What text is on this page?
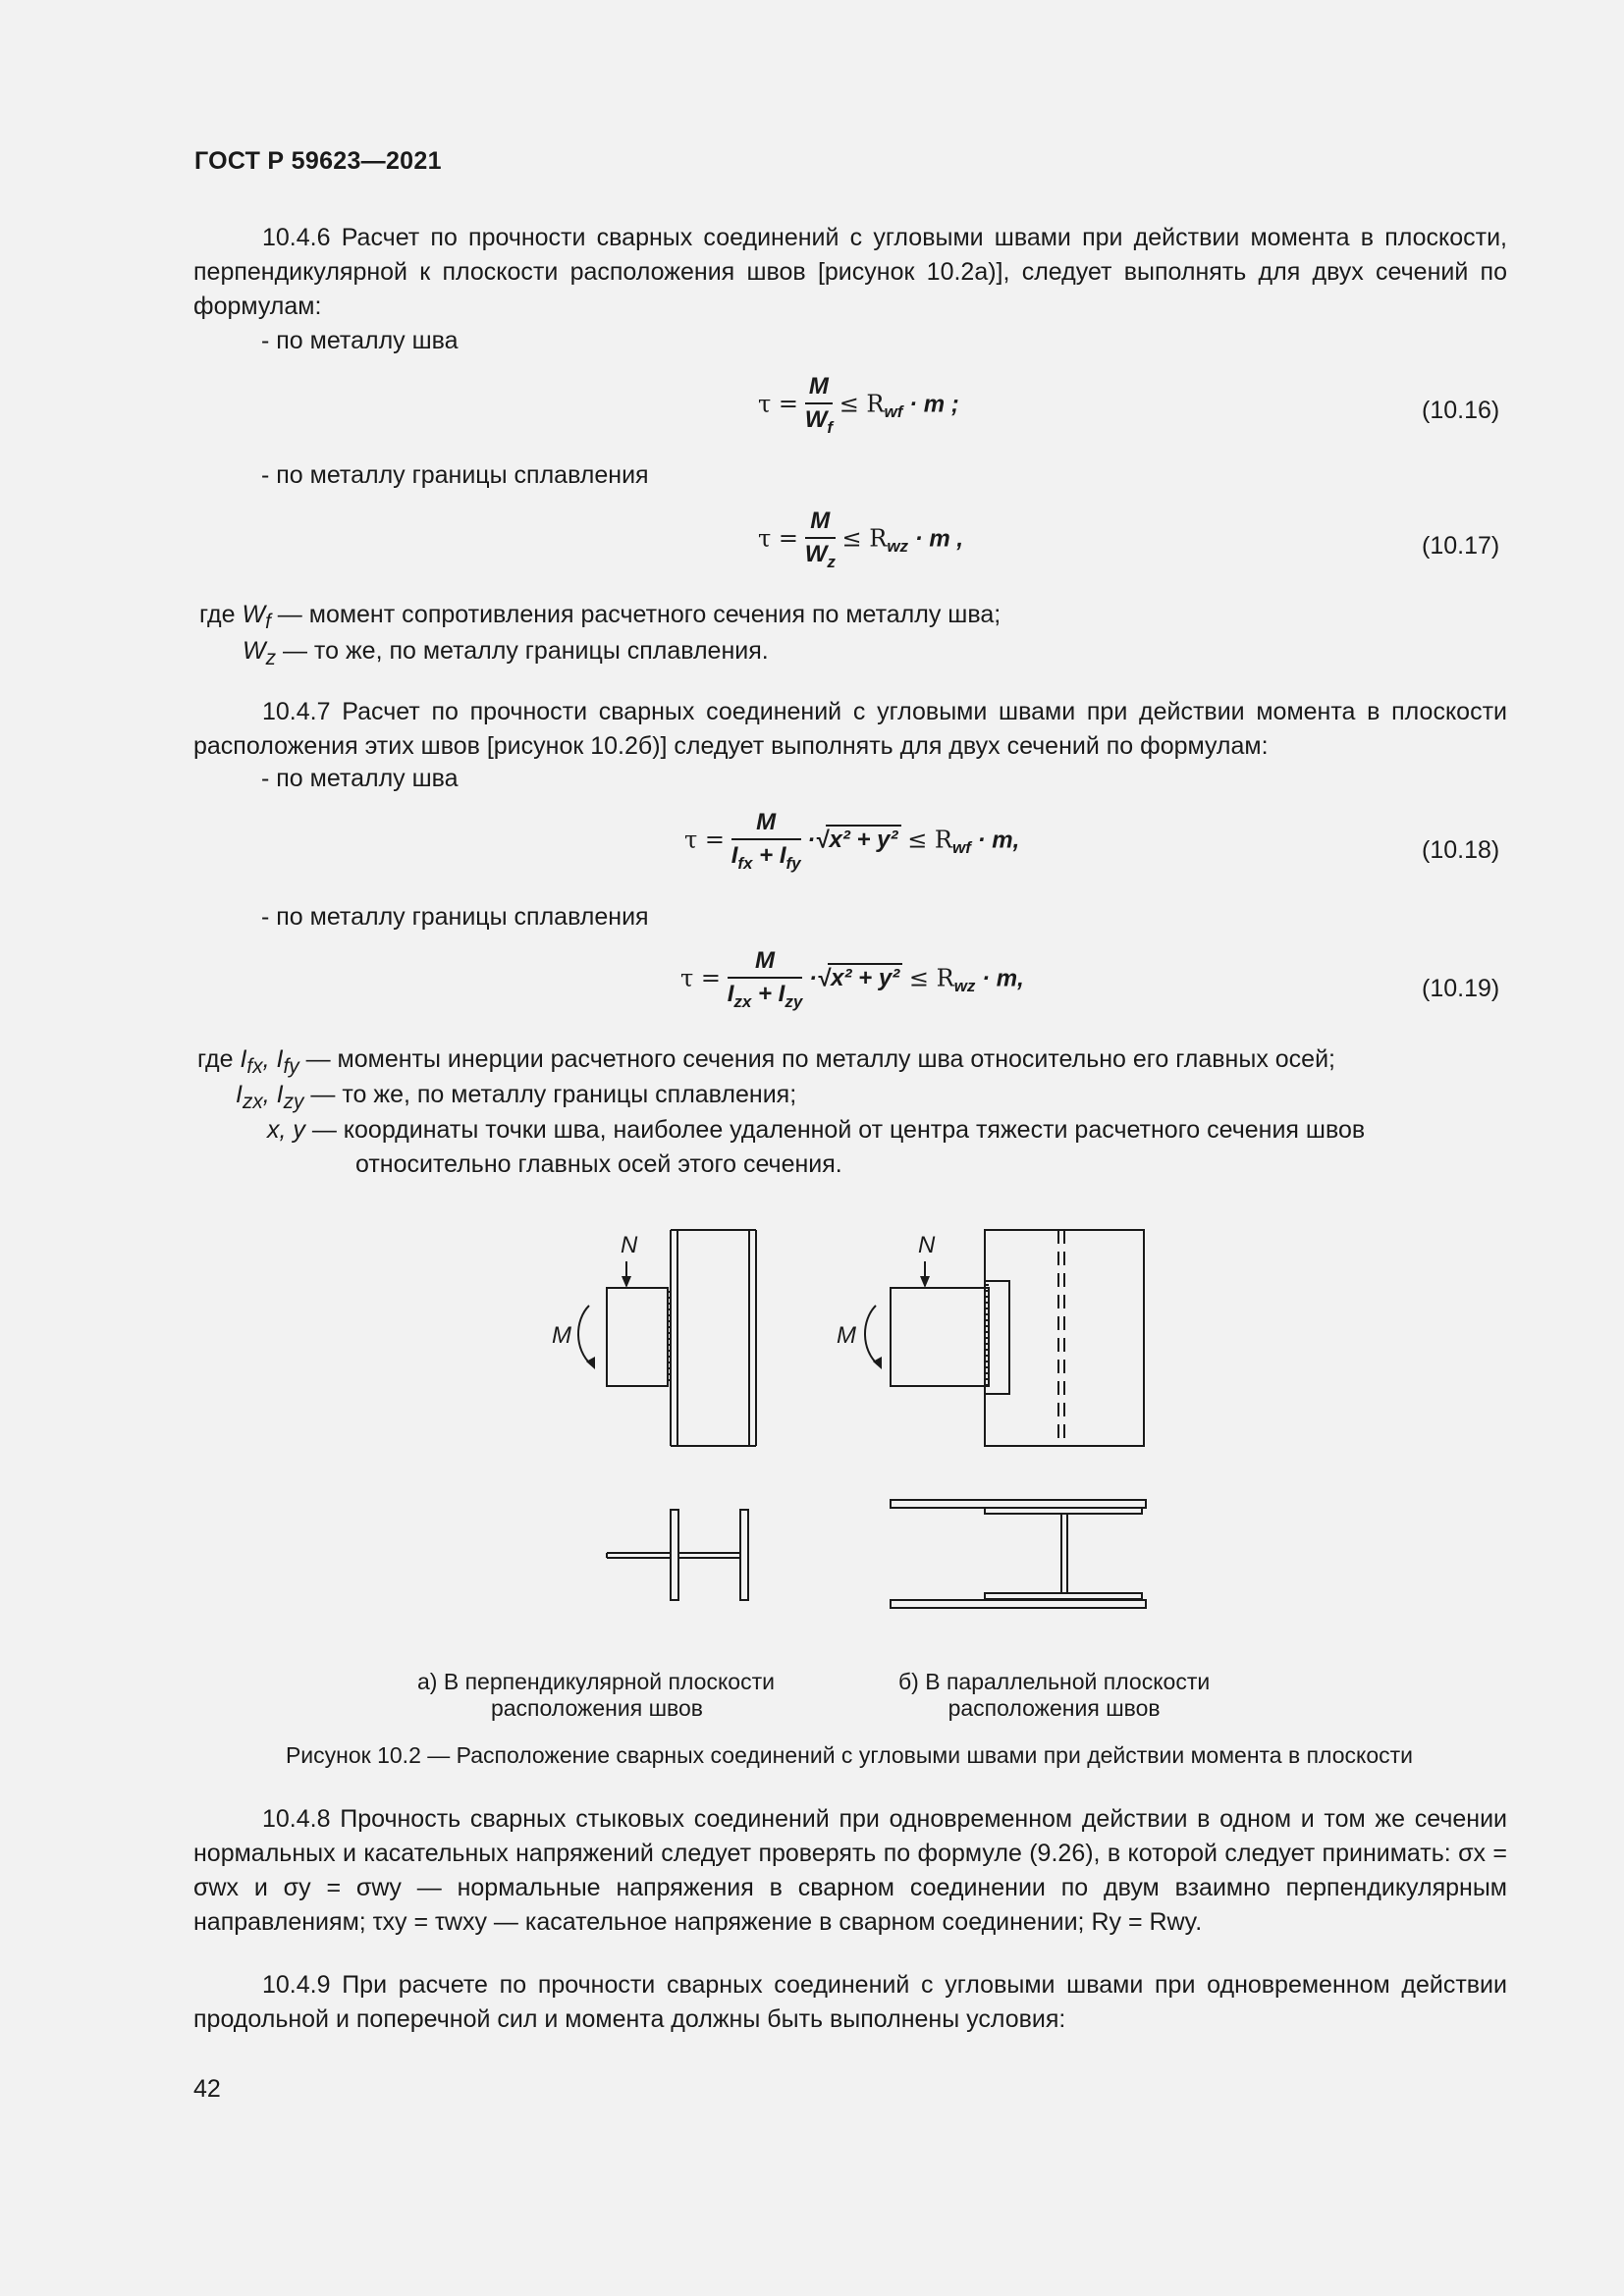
ГОСТ Р 59623—2021
10.4.6 Расчет по прочности сварных соединений с угловыми швами при действии момента в плоскости, перпендикулярной к плоскости расположения швов [рисунок 10.2а)], следует выполнять для двух сечений по формулам:
- по металлу шва
$\tau = \frac{M}{W_f} \le R_{wf} \cdot m$ ;	(10.16)
- по металлу границы сплавления
$\tau = \frac{M}{W_z} \le R_{wz} \cdot m$ ,	(10.17)
где $W_f$ — момент сопротивления расчетного сечения по металлу шва;
$W_z$ — то же, по металлу границы сплавления.
10.4.7 Расчет по прочности сварных соединений с угловыми швами при действии момента в плоскости расположения этих швов [рисунок 10.2б)] следует выполнять для двух сечений по формулам:
- по металлу шва
$\tau = \frac{M}{I_{fx} + I_{fy}} \cdot√x^2 + y^2 \le R_{wf} \cdot m$,	(10.18)
- по металлу границы сплавления
$\tau = \frac{M}{I_{zx} + I_{zy}} \cdot√x^2 + y^2 \le R_{wz} \cdot m$,	(10.19)
где $I_{fx}$, $I_{fy}$ — моменты инерции расчетного сечения по металлу шва относительно его главных осей;
$I_{zx}$, $I_{zy}$ — то же, по металлу границы сплавления;
x, y — координаты точки шва, наиболее удаленной от центра тяжести расчетного сечения швов
относительно главных осей этого сечения.
N
M
N
M
а) В перпендикулярной плоскости
расположения швов
б) В параллельной плоскости
расположения швов
Рисунок 10.2 — Расположение сварных соединений с угловыми швами при действии момента в плоскости
10.4.8 Прочность сварных стыковых соединений при одновременном действии в одном и том же сечении нормальных и касательных напряжений следует проверять по формуле (9.26), в которой следует принимать: σx = σwx и σy = σwy — нормальные напряжения в сварном соединении по двум взаимно перпендикулярным направлениям; τxy = τwxy — касательное напряжение в сварном соединении; Ry = Rwy.
10.4.9 При расчете по прочности сварных соединений с угловыми швами при одновременном действии продольной и поперечной сил и момента должны быть выполнены условия:
42
